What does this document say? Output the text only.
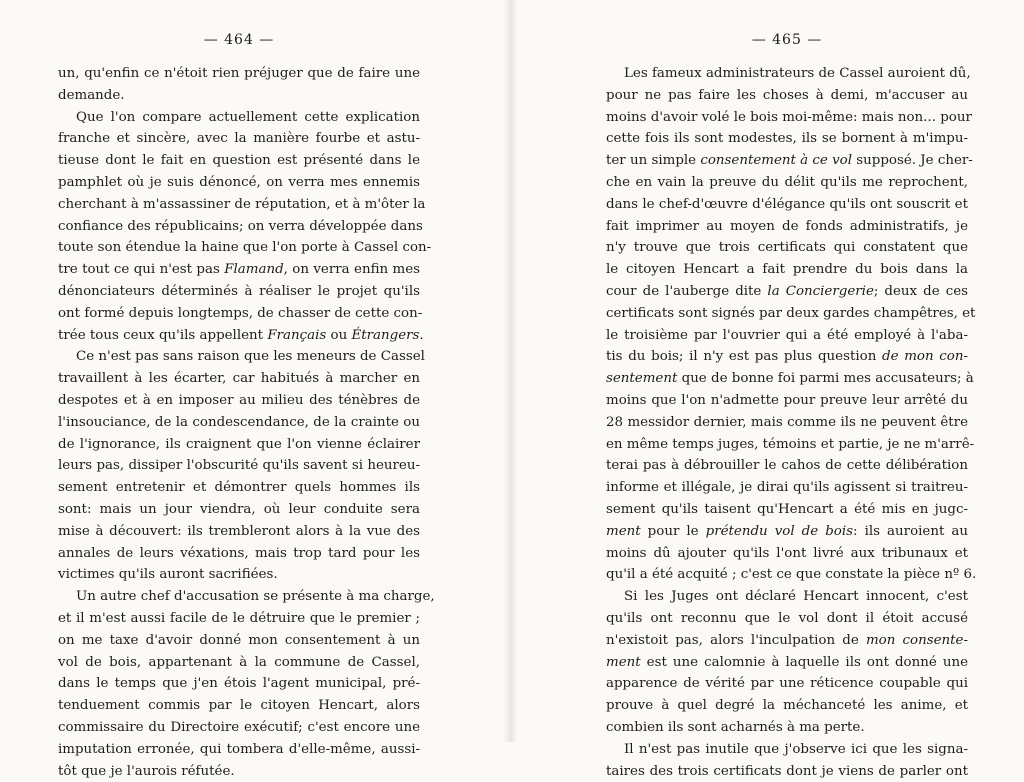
— 464 —
un, qu'enfin ce n'étoit rien préjuger que de faire une
demande.
Que l'on compare actuellement cette explication
franche et sincère, avec la manière fourbe et astu-
tieuse dont le fait en question est présenté dans le
pamphlet où je suis dénoncé, on verra mes ennemis
cherchant à m'assassiner de réputation, et à m'ôter la
confiance des républicains; on verra développée dans
toute son étendue la haine que l'on porte à Cassel con-
tre tout ce qui n'est pas Flamand, on verra enfin mes
dénonciateurs déterminés à réaliser le projet qu'ils
ont formé depuis longtemps, de chasser de cette con-
trée tous ceux qu'ils appellent Français ou Étrangers.
Ce n'est pas sans raison que les meneurs de Cassel
travaillent à les écarter, car habitués à marcher en
despotes et à en imposer au milieu des ténèbres de
l'insouciance, de la condescendance, de la crainte ou
de l'ignorance, ils craignent que l'on vienne éclairer
leurs pas, dissiper l'obscurité qu'ils savent si heureu-
sement entretenir et démontrer quels hommes ils
sont: mais un jour viendra, où leur conduite sera
mise à découvert: ils trembleront alors à la vue des
annales de leurs véxations, mais trop tard pour les
victimes qu'ils auront sacrifiées.
Un autre chef d'accusation se présente à ma charge,
et il m'est aussi facile de le détruire que le premier ;
on me taxe d'avoir donné mon consentement à un
vol de bois, appartenant à la commune de Cassel,
dans le temps que j'en étois l'agent municipal, pré-
tenduement commis par le citoyen Hencart, alors
commissaire du Directoire exécutif; c'est encore une
imputation erronée, qui tombera d'elle-même, aussi-
tôt que je l'aurois réfutée.
— 465 —
Les fameux administrateurs de Cassel auroient dû,
pour ne pas faire les choses à demi, m'accuser au
moins d'avoir volé le bois moi-même: mais non... pour
cette fois ils sont modestes, ils se bornent à m'impu-
ter un simple consentement à ce vol supposé. Je cher-
che en vain la preuve du délit qu'ils me reprochent,
dans le chef-d'œuvre d'élégance qu'ils ont souscrit et
fait imprimer au moyen de fonds administratifs, je
n'y trouve que trois certificats qui constatent que
le citoyen Hencart a fait prendre du bois dans la
cour de l'auberge dite la Conciergerie; deux de ces
certificats sont signés par deux gardes champêtres, et
le troisième par l'ouvrier qui a été employé à l'aba-
tis du bois; il n'y est pas plus question de mon con-
sentement que de bonne foi parmi mes accusateurs; à
moins que l'on n'admette pour preuve leur arrêté du
28 messidor dernier, mais comme ils ne peuvent être
en même temps juges, témoins et partie, je ne m'arrê-
terai pas à débrouiller le cahos de cette délibération
informe et illégale, je dirai qu'ils agissent si traitreu-
sement qu'ils taisent qu'Hencart a été mis en jugc-
ment pour le prétendu vol de bois: ils auroient au
moins dû ajouter qu'ils l'ont livré aux tribunaux et
qu'il a été acquité ; c'est ce que constate la pièce nº 6.
Si les Juges ont déclaré Hencart innocent, c'est
qu'ils ont reconnu que le vol dont il étoit accusé
n'existoit pas, alors l'inculpation de mon consente-
ment est une calomnie à laquelle ils ont donné une
apparence de vérité par une réticence coupable qui
prouve à quel degré la méchanceté les anime, et
combien ils sont acharnés à ma perte.
Il n'est pas inutile que j'observe ici que les signa-
taires des trois certificats dont je viens de parler ont
